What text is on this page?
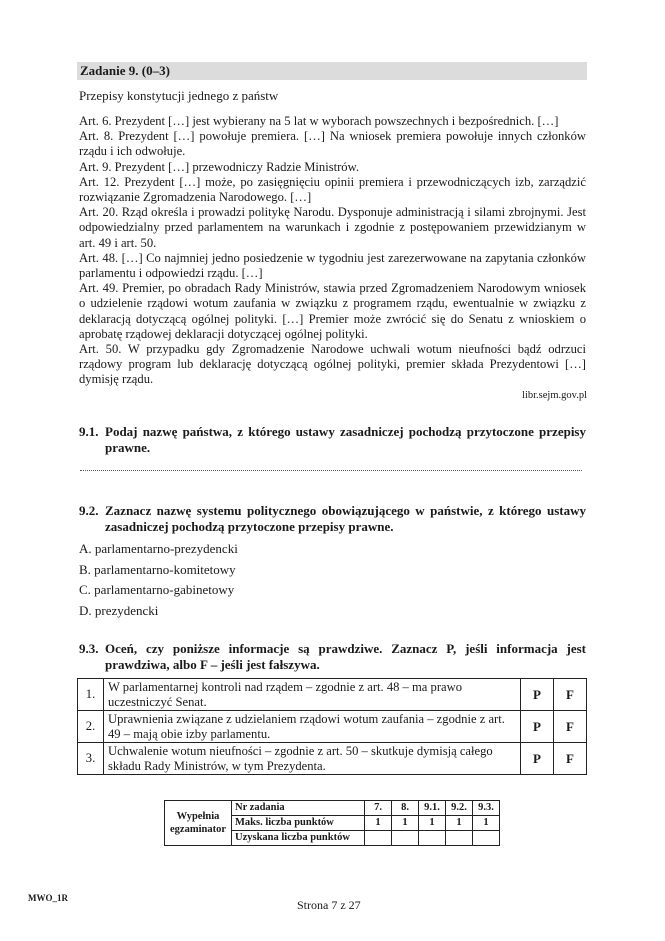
Zadanie 9. (0–3)
Przepisy konstytucji jednego z państw

Art. 6. Prezydent […] jest wybierany na 5 lat w wyborach powszechnych i bezpośrednich. […]

Art. 8. Prezydent […] powołuje premiera. […] Na wniosek premiera powołuje innych członków rządu i ich odwołuje.

Art. 9. Prezydent […] przewodniczy Radzie Ministrów.

Art. 12. Prezydent […] może, po zasięgnięciu opinii premiera i przewodniczących izb, zarządzić rozwiązanie Zgromadzenia Narodowego. […]

Art. 20. Rząd określa i prowadzi politykę Narodu. Dysponuje administracją i silami zbrojnymi. Jest odpowiedzialny przed parlamentem na warunkach i zgodnie z postępowaniem przewidzianym w art. 49 i art. 50.

Art. 48. […] Co najmniej jedno posiedzenie w tygodniu jest zarezerwowane na zapytania członków parlamentu i odpowiedzi rządu. […]

Art. 49. Premier, po obradach Rady Ministrów, stawia przed Zgromadzeniem Narodowym wniosek o udzielenie rządowi wotum zaufania w związku z programem rządu, ewentualnie w związku z deklaracją dotyczącą ogólnej polityki. […] Premier może zwrócić się do Senatu z wnioskiem o aprobatę rządowej deklaracji dotyczącej ogólnej polityki.

Art. 50. W przypadku gdy Zgromadzenie Narodowe uchwali wotum nieufności bądź odrzuci rządowy program lub deklarację dotyczącą ogólnej polityki, premier składa Prezydentowi […] dymisję rządu.

libr.sejm.gov.pl
9.1. Podaj nazwę państwa, z którego ustawy zasadniczej pochodzą przytoczone przepisy prawne.
9.2. Zaznacz nazwę systemu politycznego obowiązującego w państwie, z którego ustawy zasadniczej pochodzą przytoczone przepisy prawne.
A. parlamentarno-prezydencki
B. parlamentarno-komitetowy
C. parlamentarno-gabinetowy
D. prezydencki
9.3. Oceń, czy poniższe informacje są prawdziwe. Zaznacz P, jeśli informacja jest prawdziwa, albo F – jeśli jest fałszywa.
1.	W parlamentarnej kontroli nad rządem – zgodnie z art. 48 – ma prawo uczestniczyć Senat.	P	F
2.	Uprawnienia związane z udzielaniem rządowi wotum zaufania – zgodnie z art. 49 – mają obie izby parlamentu.	P	F
3.	Uchwalenie wotum nieufności – zgodnie z art. 50 – skutkuje dymisją całego składu Rady Ministrów, w tym Prezydenta.	P	F
Wypełnia egzaminator	Nr zadania	7.	8.	9.1.	9.2.	9.3.
	Maks. liczba punktów	1	1	1	1	1
	Uzyskana liczba punktów					
MWO_1R	Strona 7 z 27
